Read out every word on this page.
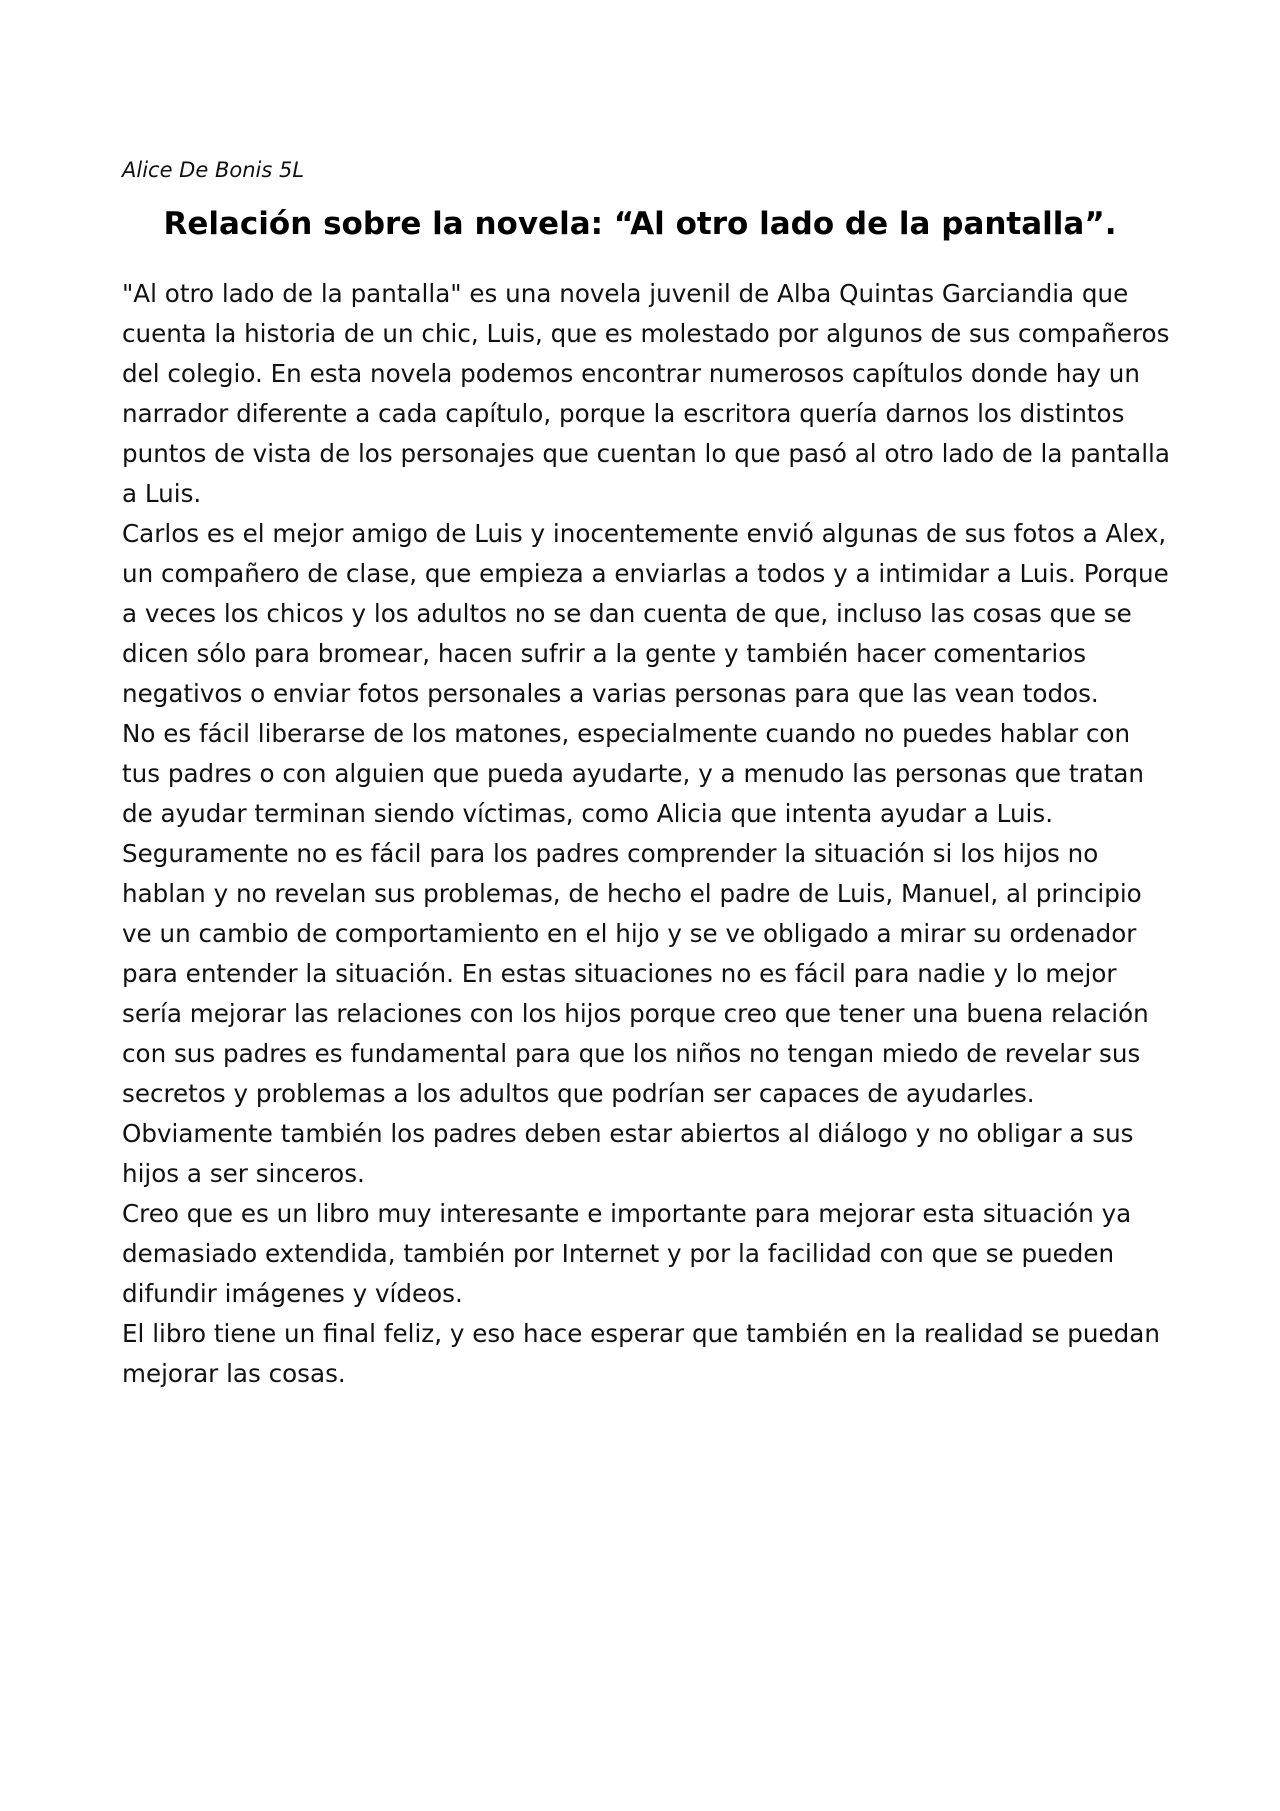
Alice De Bonis 5L

Relación sobre la novela: “Al otro lado de la pantalla”.
"Al otro lado de la pantalla" es una novela juvenil de Alba Quintas Garciandia que
cuenta la historia de un chic, Luis, que es molestado por algunos de sus compañeros
del colegio. En esta novela podemos encontrar numerosos capítulos donde hay un
narrador diferente a cada capítulo, porque la escritora quería darnos los distintos
puntos de vista de los personajes que cuentan lo que pasó al otro lado de la pantalla
a Luis.
Carlos es el mejor amigo de Luis y inocentemente envió algunas de sus fotos a Alex,
un compañero de clase, que empieza a enviarlas a todos y a intimidar a Luis. Porque
a veces los chicos y los adultos no se dan cuenta de que, incluso las cosas que se
dicen sólo para bromear, hacen sufrir a la gente y también hacer comentarios
negativos o enviar fotos personales a varias personas para que las vean todos.
No es fácil liberarse de los matones, especialmente cuando no puedes hablar con
tus padres o con alguien que pueda ayudarte, y a menudo las personas que tratan
de ayudar terminan siendo víctimas, como Alicia que intenta ayudar a Luis.
Seguramente no es fácil para los padres comprender la situación si los hijos no
hablan y no revelan sus problemas, de hecho el padre de Luis, Manuel, al principio
ve un cambio de comportamiento en el hijo y se ve obligado a mirar su ordenador
para entender la situación. En estas situaciones no es fácil para nadie y lo mejor
sería mejorar las relaciones con los hijos porque creo que tener una buena relación
con sus padres es fundamental para que los niños no tengan miedo de revelar sus
secretos y problemas a los adultos que podrían ser capaces de ayudarles.
Obviamente también los padres deben estar abiertos al diálogo y no obligar a sus
hijos a ser sinceros.
Creo que es un libro muy interesante e importante para mejorar esta situación ya
demasiado extendida, también por Internet y por la facilidad con que se pueden
difundir imágenes y vídeos.
El libro tiene un final feliz, y eso hace esperar que también en la realidad se puedan
mejorar las cosas.
